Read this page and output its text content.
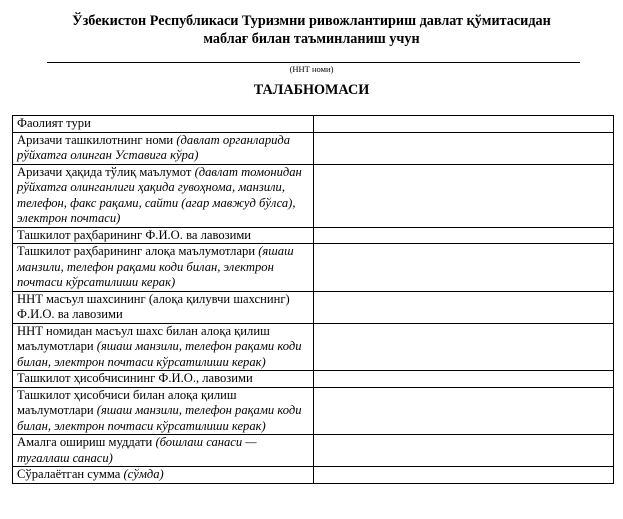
Ўзбекистон Республикаси Туризмни ривожлантириш давлат қўмитасидан
маблағ билан таъминланиш учун
(ННТ номи)
ТАЛАБНОМАСИ
Фаолият тури	
Аризачи ташкилотнинг номи (давлат органларида рўйхатга олинган Уставига кўра)	
Аризачи ҳақида тўлиқ маълумот (давлат томонидан рўйхатга олинганлиги ҳақида гувоҳнома, манзили, телефон, факс рақами, сайти (агар мавжуд бўлса), электрон почтаси)	
Ташкилот раҳбарининг Ф.И.О. ва лавозими	
Ташкилот раҳбарининг алоқа маълумотлари (яшаш манзили, телефон рақами коди билан, электрон почтаси кўрсатилиши керак)	
ННТ масъул шахсининг (алоқа қилувчи шахснинг) Ф.И.О. ва лавозими	
ННТ номидан масъул шахс билан алоқа қилиш маълумотлари (яшаш манзили, телефон рақами коди билан, электрон почтаси кўрсатилиши керак)	
Ташкилот ҳисобчисининг Ф.И.О., лавозими	
Ташкилот ҳисобчиси билан алоқа қилиш маълумотлари (яшаш манзили, телефон рақами коди билан, электрон почтаси кўрсатилиши керак)	
Амалга ошириш муддати (бошлаш санаси — тугаллаш санаси)	
Сўралаётган сумма (сўмда)	
